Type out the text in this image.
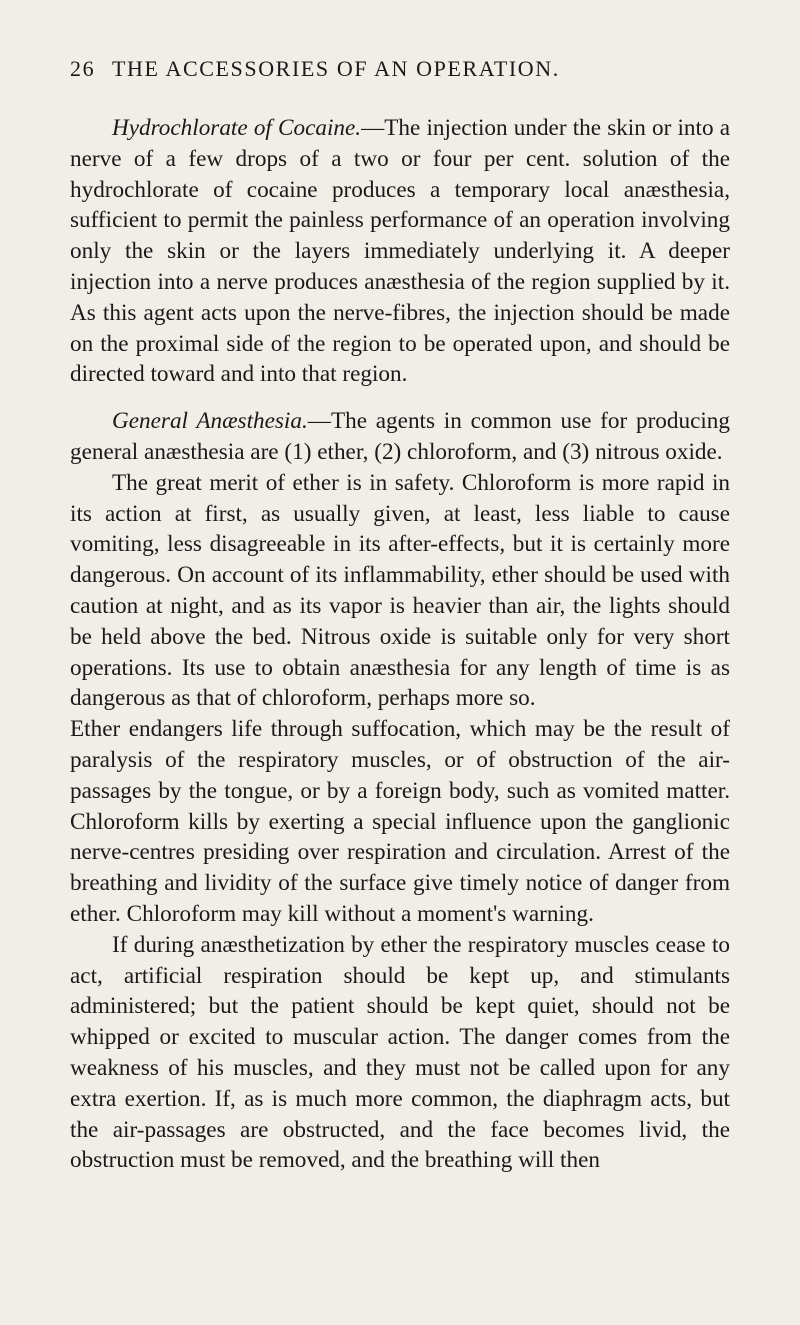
26 THE ACCESSORIES OF AN OPERATION.

Hydrochlorate of Cocaine.—The injection under the skin or into a nerve of a few drops of a two or four per cent. solution of the hydrochlorate of cocaine produces a temporary local anæsthesia, sufficient to permit the painless performance of an operation involving only the skin or the layers immediately underlying it. A deeper injection into a nerve produces anæsthesia of the region supplied by it. As this agent acts upon the nerve-fibres, the injection should be made on the proximal side of the region to be operated upon, and should be directed toward and into that region.

General Anæsthesia.—The agents in common use for producing general anæsthesia are (1) ether, (2) chloroform, and (3) nitrous oxide.

The great merit of ether is in safety. Chloroform is more rapid in its action at first, as usually given, at least, less liable to cause vomiting, less disagreeable in its after-effects, but it is certainly more dangerous. On account of its inflammability, ether should be used with caution at night, and as its vapor is heavier than air, the lights should be held above the bed. Nitrous oxide is suitable only for very short operations. Its use to obtain anæsthesia for any length of time is as dangerous as that of chloroform, perhaps more so.

Ether endangers life through suffocation, which may be the result of paralysis of the respiratory muscles, or of obstruction of the air-passages by the tongue, or by a foreign body, such as vomited matter. Chloroform kills by exerting a special influence upon the ganglionic nerve-centres presiding over respiration and circulation. Arrest of the breathing and lividity of the surface give timely notice of danger from ether. Chloroform may kill without a moment's warning.

If during anæsthetization by ether the respiratory muscles cease to act, artificial respiration should be kept up, and stimulants administered; but the patient should be kept quiet, should not be whipped or excited to muscular action. The danger comes from the weakness of his muscles, and they must not be called upon for any extra exertion. If, as is much more common, the diaphragm acts, but the air-passages are obstructed, and the face becomes livid, the obstruction must be removed, and the breathing will then
